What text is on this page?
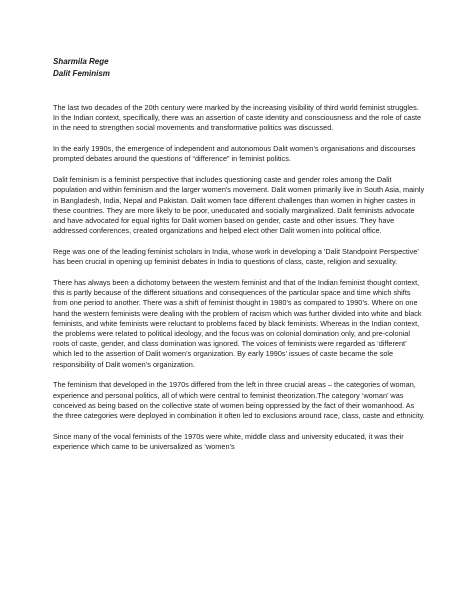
Sharmila Rege
Dalit Feminism

The last two decades of the 20th century were marked by the increasing visibility of third world feminist struggles. In the Indian context, specifically, there was an assertion of caste identity and consciousness and the role of caste in the need to strengthen social movements and transformative politics was discussed.

In the early 1990s, the emergence of independent and autonomous Dalit women’s organisations and discourses prompted debates around the questions of “difference” in feminist politics.

Dalit feminism is a feminist perspective that includes questioning caste and gender roles among the Dalit population and within feminism and the larger women's movement. Dalit women primarily live in South Asia, mainly in Bangladesh, India, Nepal and Pakistan. Dalit women face different challenges than women in higher castes in these countries. They are more likely to be poor, uneducated and socially marginalized. Dalit feminists advocate and have advocated for equal rights for Dalit women based on gender, caste and other issues. They have addressed conferences, created organizations and helped elect other Dalit women into political office.

Rege was one of the leading feminist scholars in India, whose work in developing a 'Dalit Standpoint Perspective' has been crucial in opening up feminist debates in India to questions of class, caste, religion and sexuality.

There has always been a dichotomy between the western feminist and that of the Indian feminist thought context, this is partly because of the different situations and consequences of the particular space and time which shifts from one period to another. There was a shift of feminist thought in 1980’s as compared to 1990’s. Where on one hand the western feminists were dealing with the problem of racism which was further divided into white and black feminists, and white feminists were reluctant to problems faced by black feminists. Whereas in the Indian context, the problems were related to political ideology, and the focus was on colonial domination only, and pre-colonial roots of caste, gender, and class domination was ignored. The voices of feminists were regarded as ‘different’ which led to the assertion of Dalit women’s organization. By early 1990s’ issues of caste became the sole responsibility of Dalit women’s organization.

The feminism that developed in the 1970s differed from the left in three crucial areas – the categories of woman, experience and personal politics, all of which were central to feminist theorization.The category ‘woman’ was conceived as being based on the collective state of women being oppressed by the fact of their womanhood. As the three categories were deployed in combination it often led to exclusions around race, class, caste and ethnicity.

Since many of the vocal feminists of the 1970s were white, middle class and university educated, it was their experience which came to be universalized as ‘women’s
